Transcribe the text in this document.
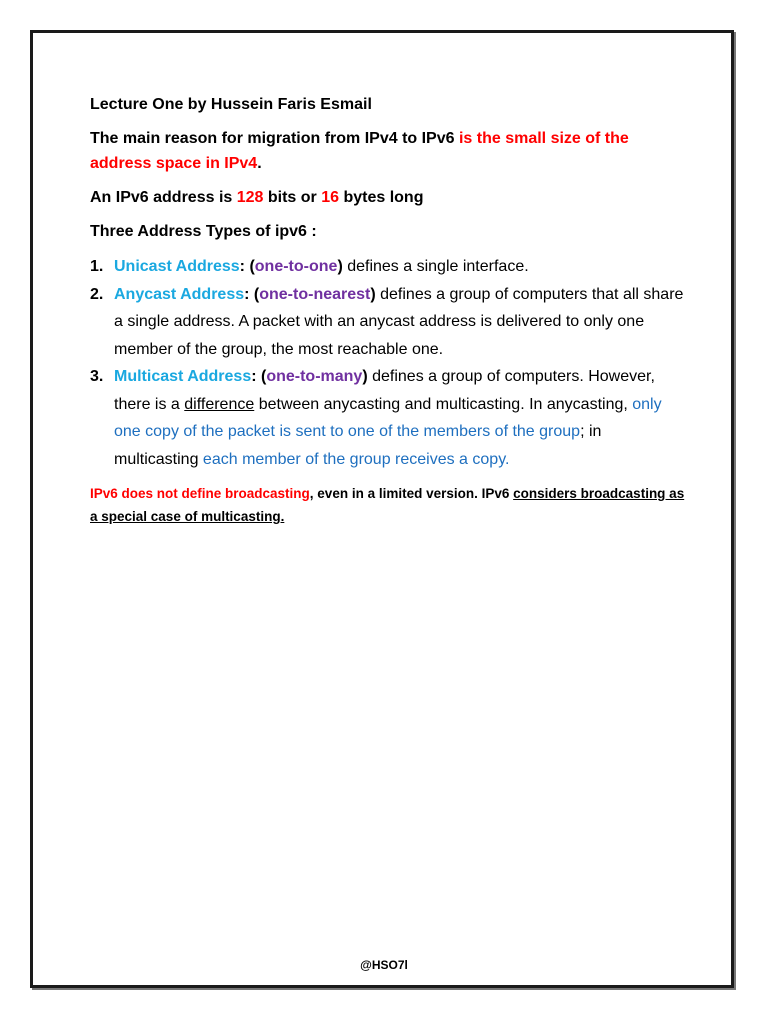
Lecture One by Hussein Faris Esmail
The main reason for migration from IPv4 to IPv6 is the small size of the address space in IPv4.
An IPv6 address is 128 bits or 16 bytes long
Three Address Types of ipv6 :
1. Unicast Address: (one-to-one) defines a single interface.
2. Anycast Address: (one-to-nearest) defines a group of computers that all share a single address. A packet with an anycast address is delivered to only one member of the group, the most reachable one.
3. Multicast Address: (one-to-many) defines a group of computers. However, there is a difference between anycasting and multicasting. In anycasting, only one copy of the packet is sent to one of the members of the group; in multicasting each member of the group receives a copy.
IPv6 does not define broadcasting, even in a limited version. IPv6 considers broadcasting as a special case of multicasting.
@HSO7l
